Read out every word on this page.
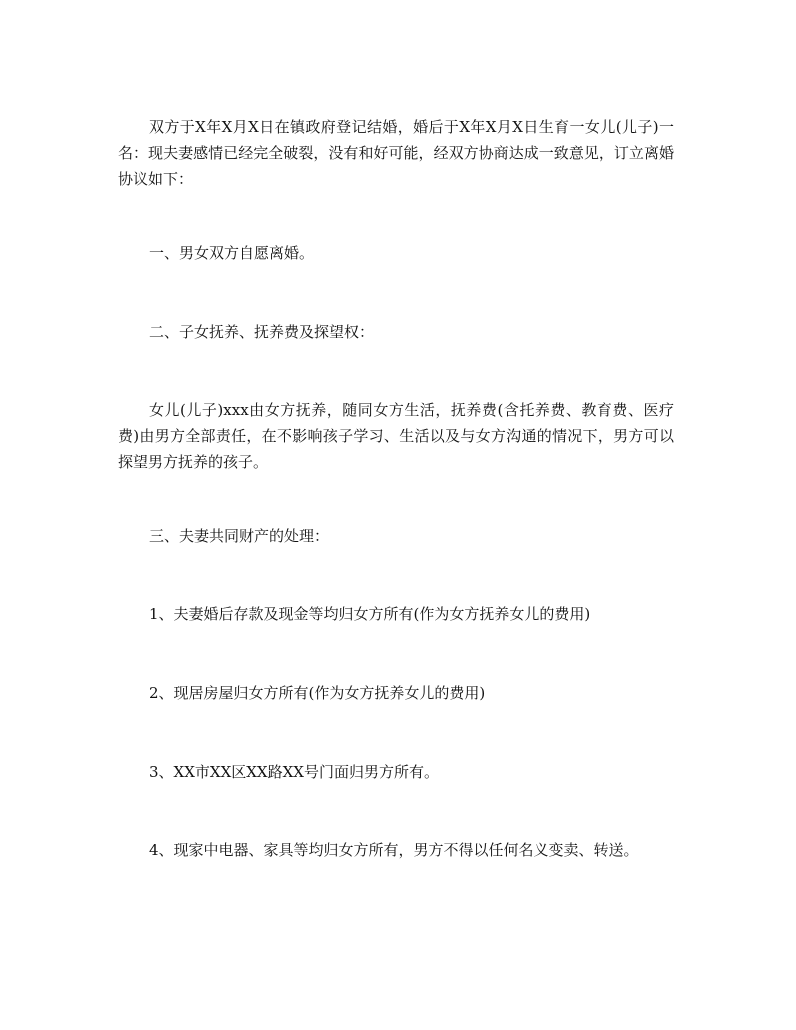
双方于X年X月X日在镇政府登记结婚，婚后于X年X月X日生育一女儿(儿子)一名：现夫妻感情已经完全破裂，没有和好可能，经双方协商达成一致意见，订立离婚协议如下：

一、男女双方自愿离婚。

二、子女抚养、抚养费及探望权：

女儿(儿子)xxx由女方抚养，随同女方生活，抚养费(含托养费、教育费、医疗费)由男方全部责任，在不影响孩子学习、生活以及与女方沟通的情况下，男方可以探望男方抚养的孩子。

三、夫妻共同财产的处理：

1、夫妻婚后存款及现金等均归女方所有(作为女方抚养女儿的费用)

2、现居房屋归女方所有(作为女方抚养女儿的费用)

3、XX市XX区XX路XX号门面归男方所有。

4、现家中电器、家具等均归女方所有，男方不得以任何名义变卖、转送。
